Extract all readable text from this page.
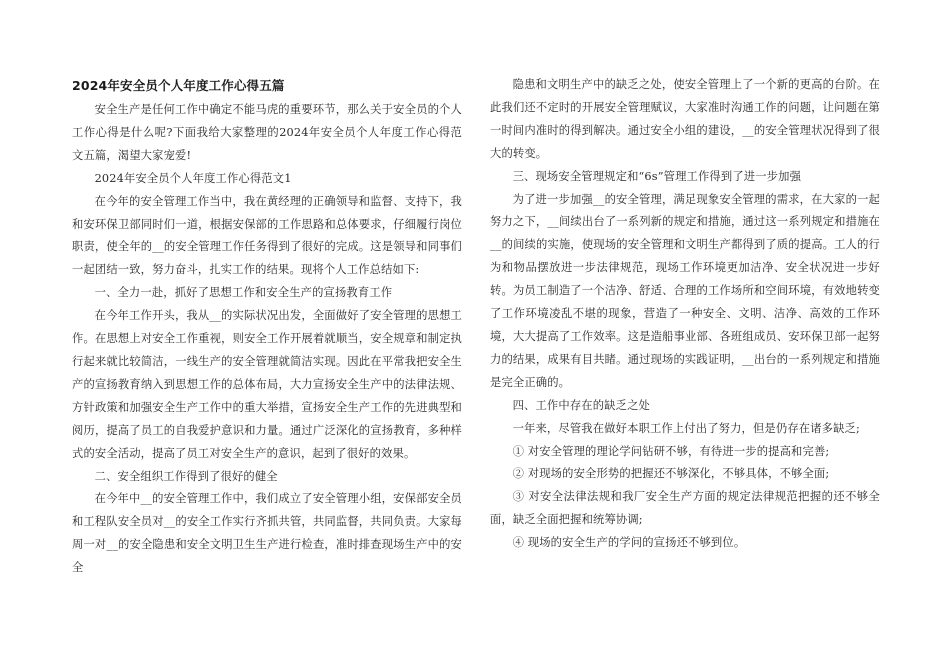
2024年安全员个人年度工作心得五篇

安全生产是任何工作中确定不能马虎的重要环节，那么关于安全员的个人工作心得是什么呢?下面我给大家整理的2024年安全员个人年度工作心得范文五篇，渴望大家宠爱!

2024年安全员个人年度工作心得范文1

在今年的安全管理工作当中，我在黄经理的正确领导和监督、支持下，我和安环保卫部同时们一道，根据安保部的工作思路和总体要求，仔细履行岗位职责，使全年的__的安全管理工作任务得到了很好的完成。这是领导和同事们一起团结一致，努力奋斗，扎实工作的结果。现将个人工作总结如下:

一、全力一赴，抓好了思想工作和安全生产的宣扬教育工作

在今年工作开头，我从__的实际状况出发，全面做好了安全管理的思想工作。在思想上对安全工作重视，则安全工作开展着就顺当，安全规章和制定执行起来就比较简洁，一线生产的安全管理就简洁实现。因此在平常我把安全生产的宣扬教育纳入到思想工作的总体布局，大力宣扬安全生产中的法律法规、方针政策和加强安全生产工作中的重大举措，宣扬安全生产工作的先进典型和阅历，提高了员工的自我爱护意识和力量。通过广泛深化的宣扬教育，多种样式的安全活动，提高了员工对安全生产的意识，起到了很好的效果。

二、安全组织工作得到了很好的健全

在今年中__的安全管理工作中，我们成立了安全管理小组，安保部安全员和工程队安全员对__的安全工作实行齐抓共管，共同监督，共同负责。大家每周一对__的安全隐患和安全文明卫生生产进行检查，准时排查现场生产中的安全

隐患和文明生产中的缺乏之处，使安全管理上了一个新的更高的台阶。在此我们还不定时的开展安全管理赋议，大家准时沟通工作的问题，让问题在第一时间内准时的得到解决。通过安全小组的建设，__的安全管理状况得到了很大的转变。

三、现场安全管理规定和“6s”管理工作得到了进一步加强

为了进一步加强__的安全管理，满足现象安全管理的需求，在大家的一起努力之下，__间续出台了一系列新的规定和措施，通过这一系列规定和措施在__的间续的实施，使现场的安全管理和文明生产都得到了质的提高。工人的行为和物品摆放进一步法律规范，现场工作环境更加洁净、安全状况进一步好转。为员工制造了一个洁净、舒适、合理的工作场所和空间环境，有效地转变了工作环境凌乱不堪的现象，营造了一种安全、文明、洁净、高效的工作环境，大大提高了工作效率。这是造船事业部、各班组成员、安环保卫部一起努力的结果，成果有目共睹。通过现场的实践证明，__出台的一系列规定和措施是完全正确的。

四、工作中存在的缺乏之处

一年来，尽管我在做好本职工作上付出了努力，但是仍存在诸多缺乏;

① 对安全管理的理论学问钻研不够，有待进一步的提高和完善;

② 对现场的安全形势的把握还不够深化，不够具体，不够全面;

③ 对安全法律法规和我厂安全生产方面的规定法律规范把握的还不够全面，缺乏全面把握和统筹协调;

④ 现场的安全生产的学问的宣扬还不够到位。
